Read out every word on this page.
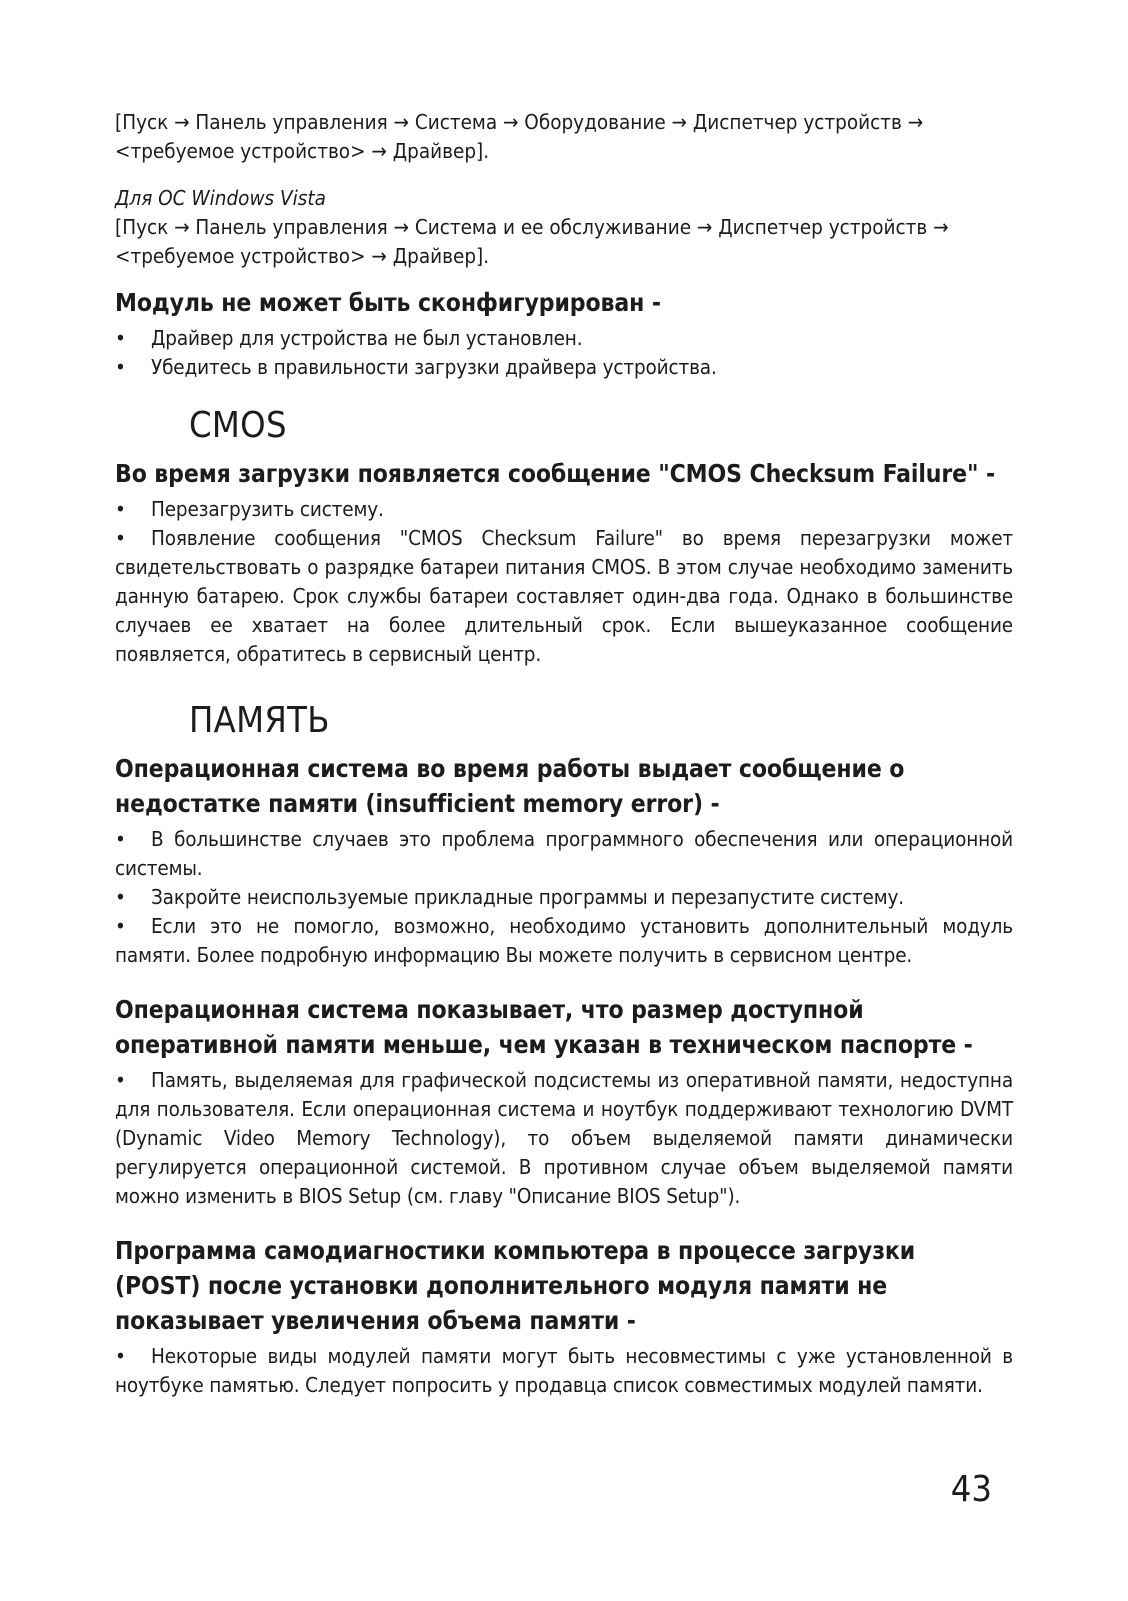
[Пуск → Панель управления → Система → Оборудование → Диспетчер устройств →

<требуемое устройство> → Драйвер].

Для ОС Windows Vista

[Пуск → Панель управления → Система и ее обслуживание → Диспетчер устройств →

<требуемое устройство> → Драйвер].

Модуль не может быть сконфигурирован -
• Драйвер для устройства не был установлен.
• Убедитесь в правильности загрузки драйвера устройства.
CMOS
Во время загрузки появляется сообщение "CMOS Checksum Failure" -
• Перезагрузить систему.
• Появление сообщения "CMOS Checksum Failure" во время перезагрузки может свидетельствовать о разрядке батареи питания CMOS. В этом случае необходимо заменить данную батарею. Срок службы батареи составляет один-два года. Однако в большинстве случаев ее хватает на более длительный срок. Если вышеуказанное сообщение появляется, обратитесь в сервисный центр.
ПАМЯТЬ
Операционная система во время работы выдает сообщение о
недостатке памяти (insufficient memory error) -
• В большинстве случаев это проблема программного обеспечения или операционной системы.
• Закройте неиспользуемые прикладные программы и перезапустите систему.
• Если это не помогло, возможно, необходимо установить дополнительный модуль памяти. Более подробную информацию Вы можете получить в сервисном центре.
Операционная система показывает, что размер доступной
оперативной памяти меньше, чем указан в техническом паспорте -
• Память, выделяемая для графической подсистемы из оперативной памяти, недоступна для пользователя. Если операционная система и ноутбук поддерживают технологию DVMT (Dynamic Video Memory Technology), то объем выделяемой памяти динамически регулируется операционной системой. В противном случае объем выделяемой памяти можно изменить в BIOS Setup (см. главу "Описание BIOS Setup").
Программа самодиагностики компьютера в процессе загрузки
(POST) после установки дополнительного модуля памяти не
показывает увеличения объема памяти -
• Некоторые виды модулей памяти могут быть несовместимы с уже установленной в ноутбуке памятью. Следует попросить у продавца список совместимых модулей памяти.
43
